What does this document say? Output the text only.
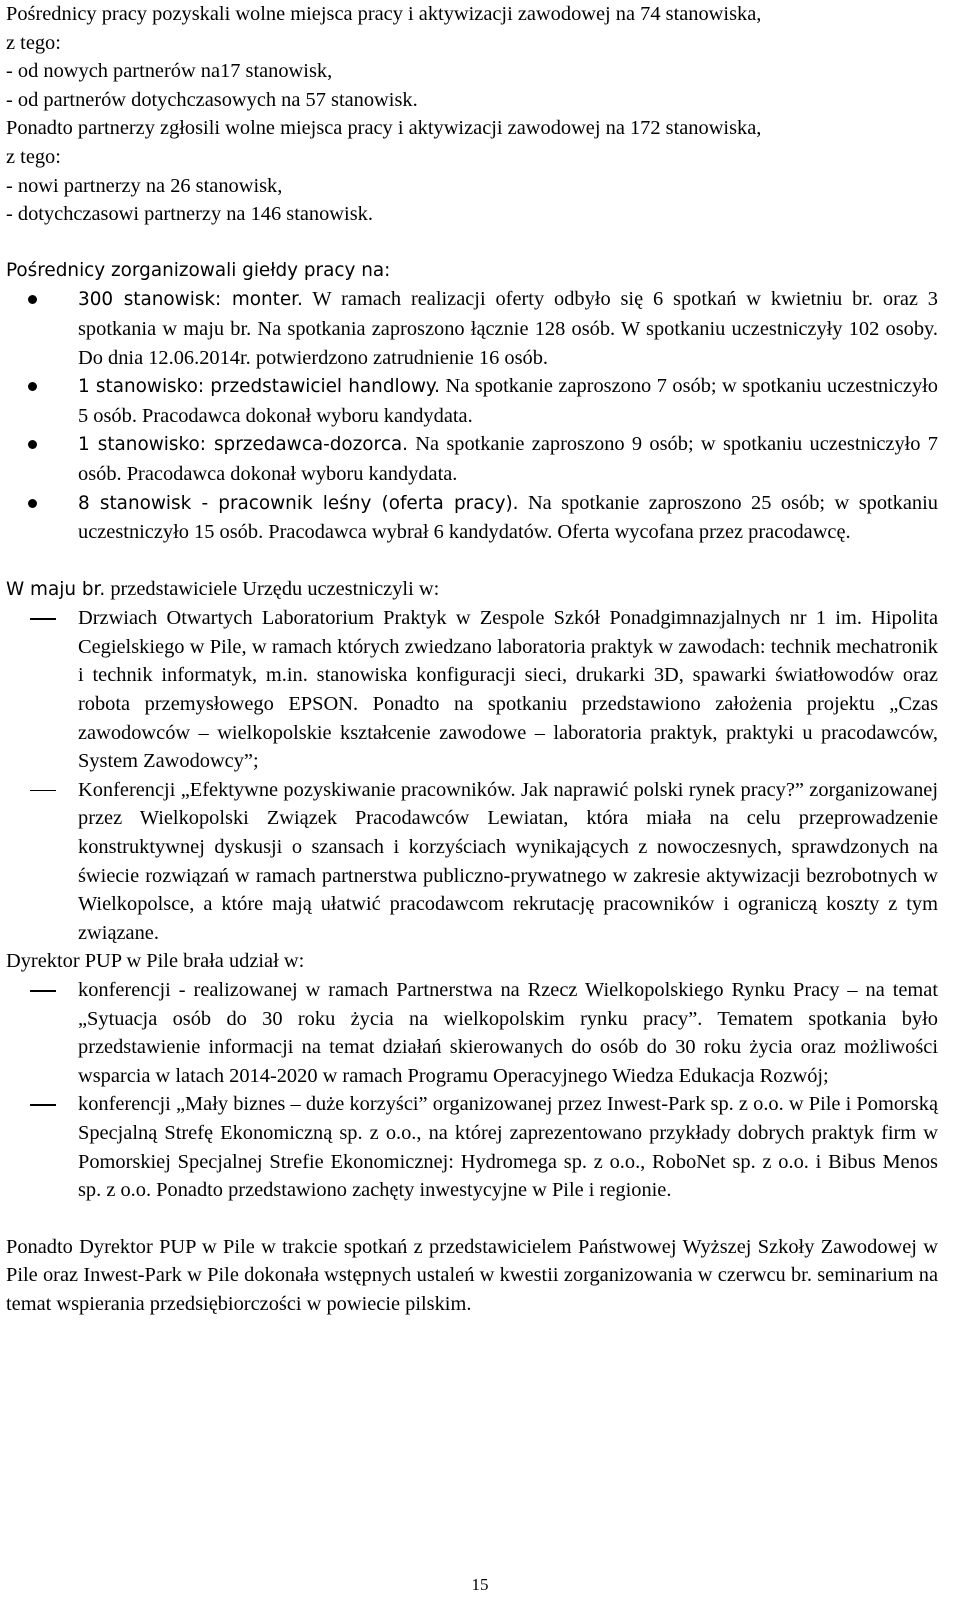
Pośrednicy pracy pozyskali wolne miejsca pracy i aktywizacji zawodowej na 74 stanowiska,
z tego:
- od nowych partnerów na17 stanowisk,
- od partnerów dotychczasowych na 57 stanowisk.
Ponadto partnerzy zgłosili wolne miejsca pracy i aktywizacji zawodowej na 172 stanowiska,
z tego:
- nowi partnerzy na 26 stanowisk,
- dotychczasowi partnerzy na 146 stanowisk.
Pośrednicy zorganizowali giełdy pracy na:
300 stanowisk: monter. W ramach realizacji oferty odbyło się 6 spotkań w kwietniu br. oraz 3 spotkania w maju br. Na spotkania zaproszono łącznie 128 osób. W spotkaniu uczestniczyły 102 osoby. Do dnia 12.06.2014r. potwierdzono zatrudnienie 16 osób.
1 stanowisko: przedstawiciel handlowy. Na spotkanie zaproszono 7 osób; w spotkaniu uczestniczyło 5 osób. Pracodawca dokonał wyboru kandydata.
1 stanowisko: sprzedawca-dozorca. Na spotkanie zaproszono 9 osób; w spotkaniu uczestniczyło 7 osób. Pracodawca dokonał wyboru kandydata.
8 stanowisk - pracownik leśny (oferta pracy). Na spotkanie zaproszono 25 osób; w spotkaniu uczestniczyło 15 osób. Pracodawca wybrał 6 kandydatów. Oferta wycofana przez pracodawcę.
W maju br. przedstawiciele Urzędu uczestniczyli w:
Drzwiach Otwartych Laboratorium Praktyk w Zespole Szkół Ponadgimnazjalnych nr 1 im. Hipolita Cegielskiego w Pile, w ramach których zwiedzano laboratoria praktyk w zawodach: technik mechatronik i technik informatyk, m.in. stanowiska konfiguracji sieci, drukarki 3D, spawarki światłowodów oraz robota przemysłowego EPSON. Ponadto na spotkaniu przedstawiono założenia projektu „Czas zawodowców – wielkopolskie kształcenie zawodowe – laboratoria praktyk, praktyki u pracodawców, System Zawodowcy”;
Konferencji „Efektywne pozyskiwanie pracowników. Jak naprawić polski rynek pracy?” zorganizowanej przez Wielkopolski Związek Pracodawców Lewiatan, która miała na celu przeprowadzenie konstruktywnej dyskusji o szansach i korzyściach wynikających z nowoczesnych, sprawdzonych na świecie rozwiązań w ramach partnerstwa publiczno-prywatnego w zakresie aktywizacji bezrobotnych w Wielkopolsce, a które mają ułatwić pracodawcom rekrutację pracowników i ograniczą koszty z tym związane.
Dyrektor PUP w Pile brała udział w:
konferencji - realizowanej w ramach Partnerstwa na Rzecz Wielkopolskiego Rynku Pracy – na temat „Sytuacja osób do 30 roku życia na wielkopolskim rynku pracy”. Tematem spotkania było przedstawienie informacji na temat działań skierowanych do osób do 30 roku życia oraz możliwości wsparcia w latach 2014-2020 w ramach Programu Operacyjnego Wiedza Edukacja Rozwój;
konferencji „Mały biznes – duże korzyści” organizowanej przez Inwest-Park sp. z o.o. w Pile i Pomorską Specjalną Strefę Ekonomiczną sp. z o.o., na której zaprezentowano przykłady dobrych praktyk firm w Pomorskiej Specjalnej Strefie Ekonomicznej: Hydromega sp. z o.o., RoboNet sp. z o.o. i Bibus Menos sp. z o.o. Ponadto przedstawiono zachęty inwestycyjne w Pile i regionie.
Ponadto Dyrektor PUP w Pile w trakcie spotkań z przedstawicielem Państwowej Wyższej Szkoły Zawodowej w Pile oraz Inwest-Park w Pile dokonała wstępnych ustaleń w kwestii zorganizowania w czerwcu br. seminarium na temat wspierania przedsiębiorczości w powiecie pilskim.
15
